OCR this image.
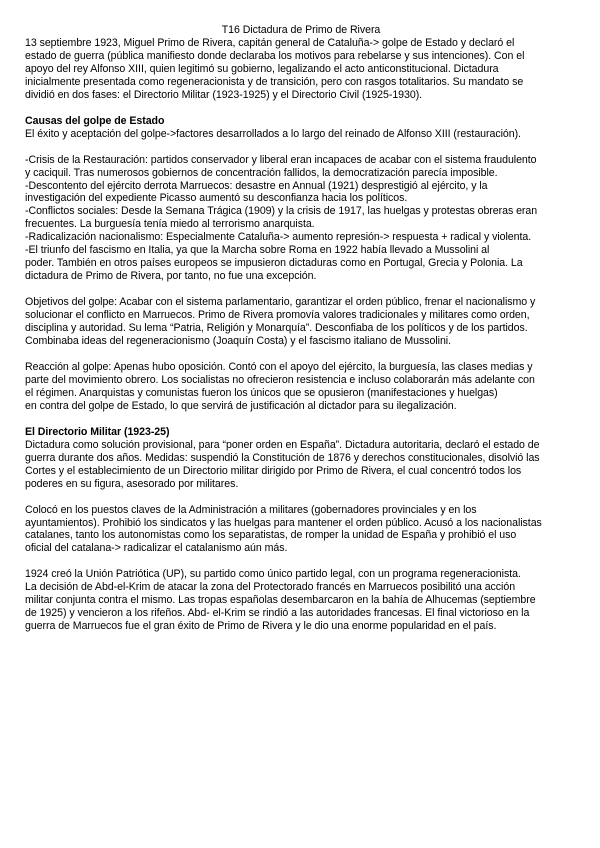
T16 Dictadura de Primo de Rivera

13 septiembre 1923, Miguel Primo de Rivera, capitán general de Cataluña-> golpe de Estado y declaró el
estado de guerra (pública manifiesto donde declaraba los motivos para rebelarse y sus intenciones). Con el
apoyo del rey Alfonso XIII, quien legitimó su gobierno, legalizando el acto anticonstitucional. Dictadura
inicialmente presentada como regeneracionista y de transición, pero con rasgos totalitarios. Su mandato se
dividió en dos fases: el Directorio Militar (1923-1925) y el Directorio Civil (1925-1930).

Causas del golpe de Estado

El éxito y aceptación del golpe->factores desarrollados a lo largo del reinado de Alfonso XIII (restauración).

-Crisis de la Restauración: partidos conservador y liberal eran incapaces de acabar con el sistema fraudulento
y caciquil. Tras numerosos gobiernos de concentración fallidos, la democratización parecía imposible.
-Descontento del ejército derrota Marruecos: desastre en Annual (1921) desprestigió al ejército, y la
investigación del expediente Picasso aumentó su desconfianza hacia los políticos.
-Conflictos sociales: Desde la Semana Trágica (1909) y la crisis de 1917, las huelgas y protestas obreras eran
frecuentes. La burguesía tenía miedo al terrorismo anarquista.
-Radicalización nacionalismo: Especialmente Cataluña-> aumento represión-> respuesta + radical y violenta.
-El triunfo del fascismo en Italia, ya que la Marcha sobre Roma en 1922 había llevado a Mussolini al
poder. También en otros países europeos se impusieron dictaduras como en Portugal, Grecia y Polonia. La
dictadura de Primo de Rivera, por tanto, no fue una excepción.

Objetivos del golpe: Acabar con el sistema parlamentario, garantizar el orden público, frenar el nacionalismo y
solucionar el conflicto en Marruecos. Primo de Rivera promovía valores tradicionales y militares como orden,
disciplina y autoridad. Su lema “Patria, Religión y Monarquía”. Desconfiaba de los políticos y de los partidos.
Combinaba ideas del regeneracionismo (Joaquín Costa) y el fascismo italiano de Mussolini.

Reacción al golpe: Apenas hubo oposición. Contó con el apoyo del ejército, la burguesía, las clases medias y
parte del movimiento obrero. Los socialistas no ofrecieron resistencia e incluso colaborarán más adelante con
el régimen. Anarquistas y comunistas fueron los únicos que se opusieron (manifestaciones y huelgas)
en contra del golpe de Estado, lo que servirá de justificación al dictador para su ilegalización.

El Directorio Militar (1923-25)

Dictadura como solución provisional, para “poner orden en España”. Dictadura autoritaria, declaró el estado de
guerra durante dos años. Medidas: suspendió la Constitución de 1876 y derechos constitucionales, disolvió las
Cortes y el establecimiento de un Directorio militar dirigido por Primo de Rivera, el cual concentró todos los
poderes en su figura, asesorado por militares.

Colocó en los puestos claves de la Administración a militares (gobernadores provinciales y en los
ayuntamientos). Prohibió los sindicatos y las huelgas para mantener el orden público. Acusó a los nacionalistas
catalanes, tanto los autonomistas como los separatistas, de romper la unidad de España y prohibió el uso
oficial del catalana-> radicalizar el catalanismo aún más.

1924 creó la Unión Patriótica (UP), su partido como único partido legal, con un programa regeneracionista.
La decisión de Abd-el-Krim de atacar la zona del Protectorado francés en Marruecos posibilitó una acción
militar conjunta contra el mismo. Las tropas españolas desembarcaron en la bahía de Alhucemas (septiembre
de 1925) y vencieron a los rifeños. Abd- el-Krim se rindió a las autoridades francesas. El final victorioso en la
guerra de Marruecos fue el gran éxito de Primo de Rivera y le dio una enorme popularidad en el país.
